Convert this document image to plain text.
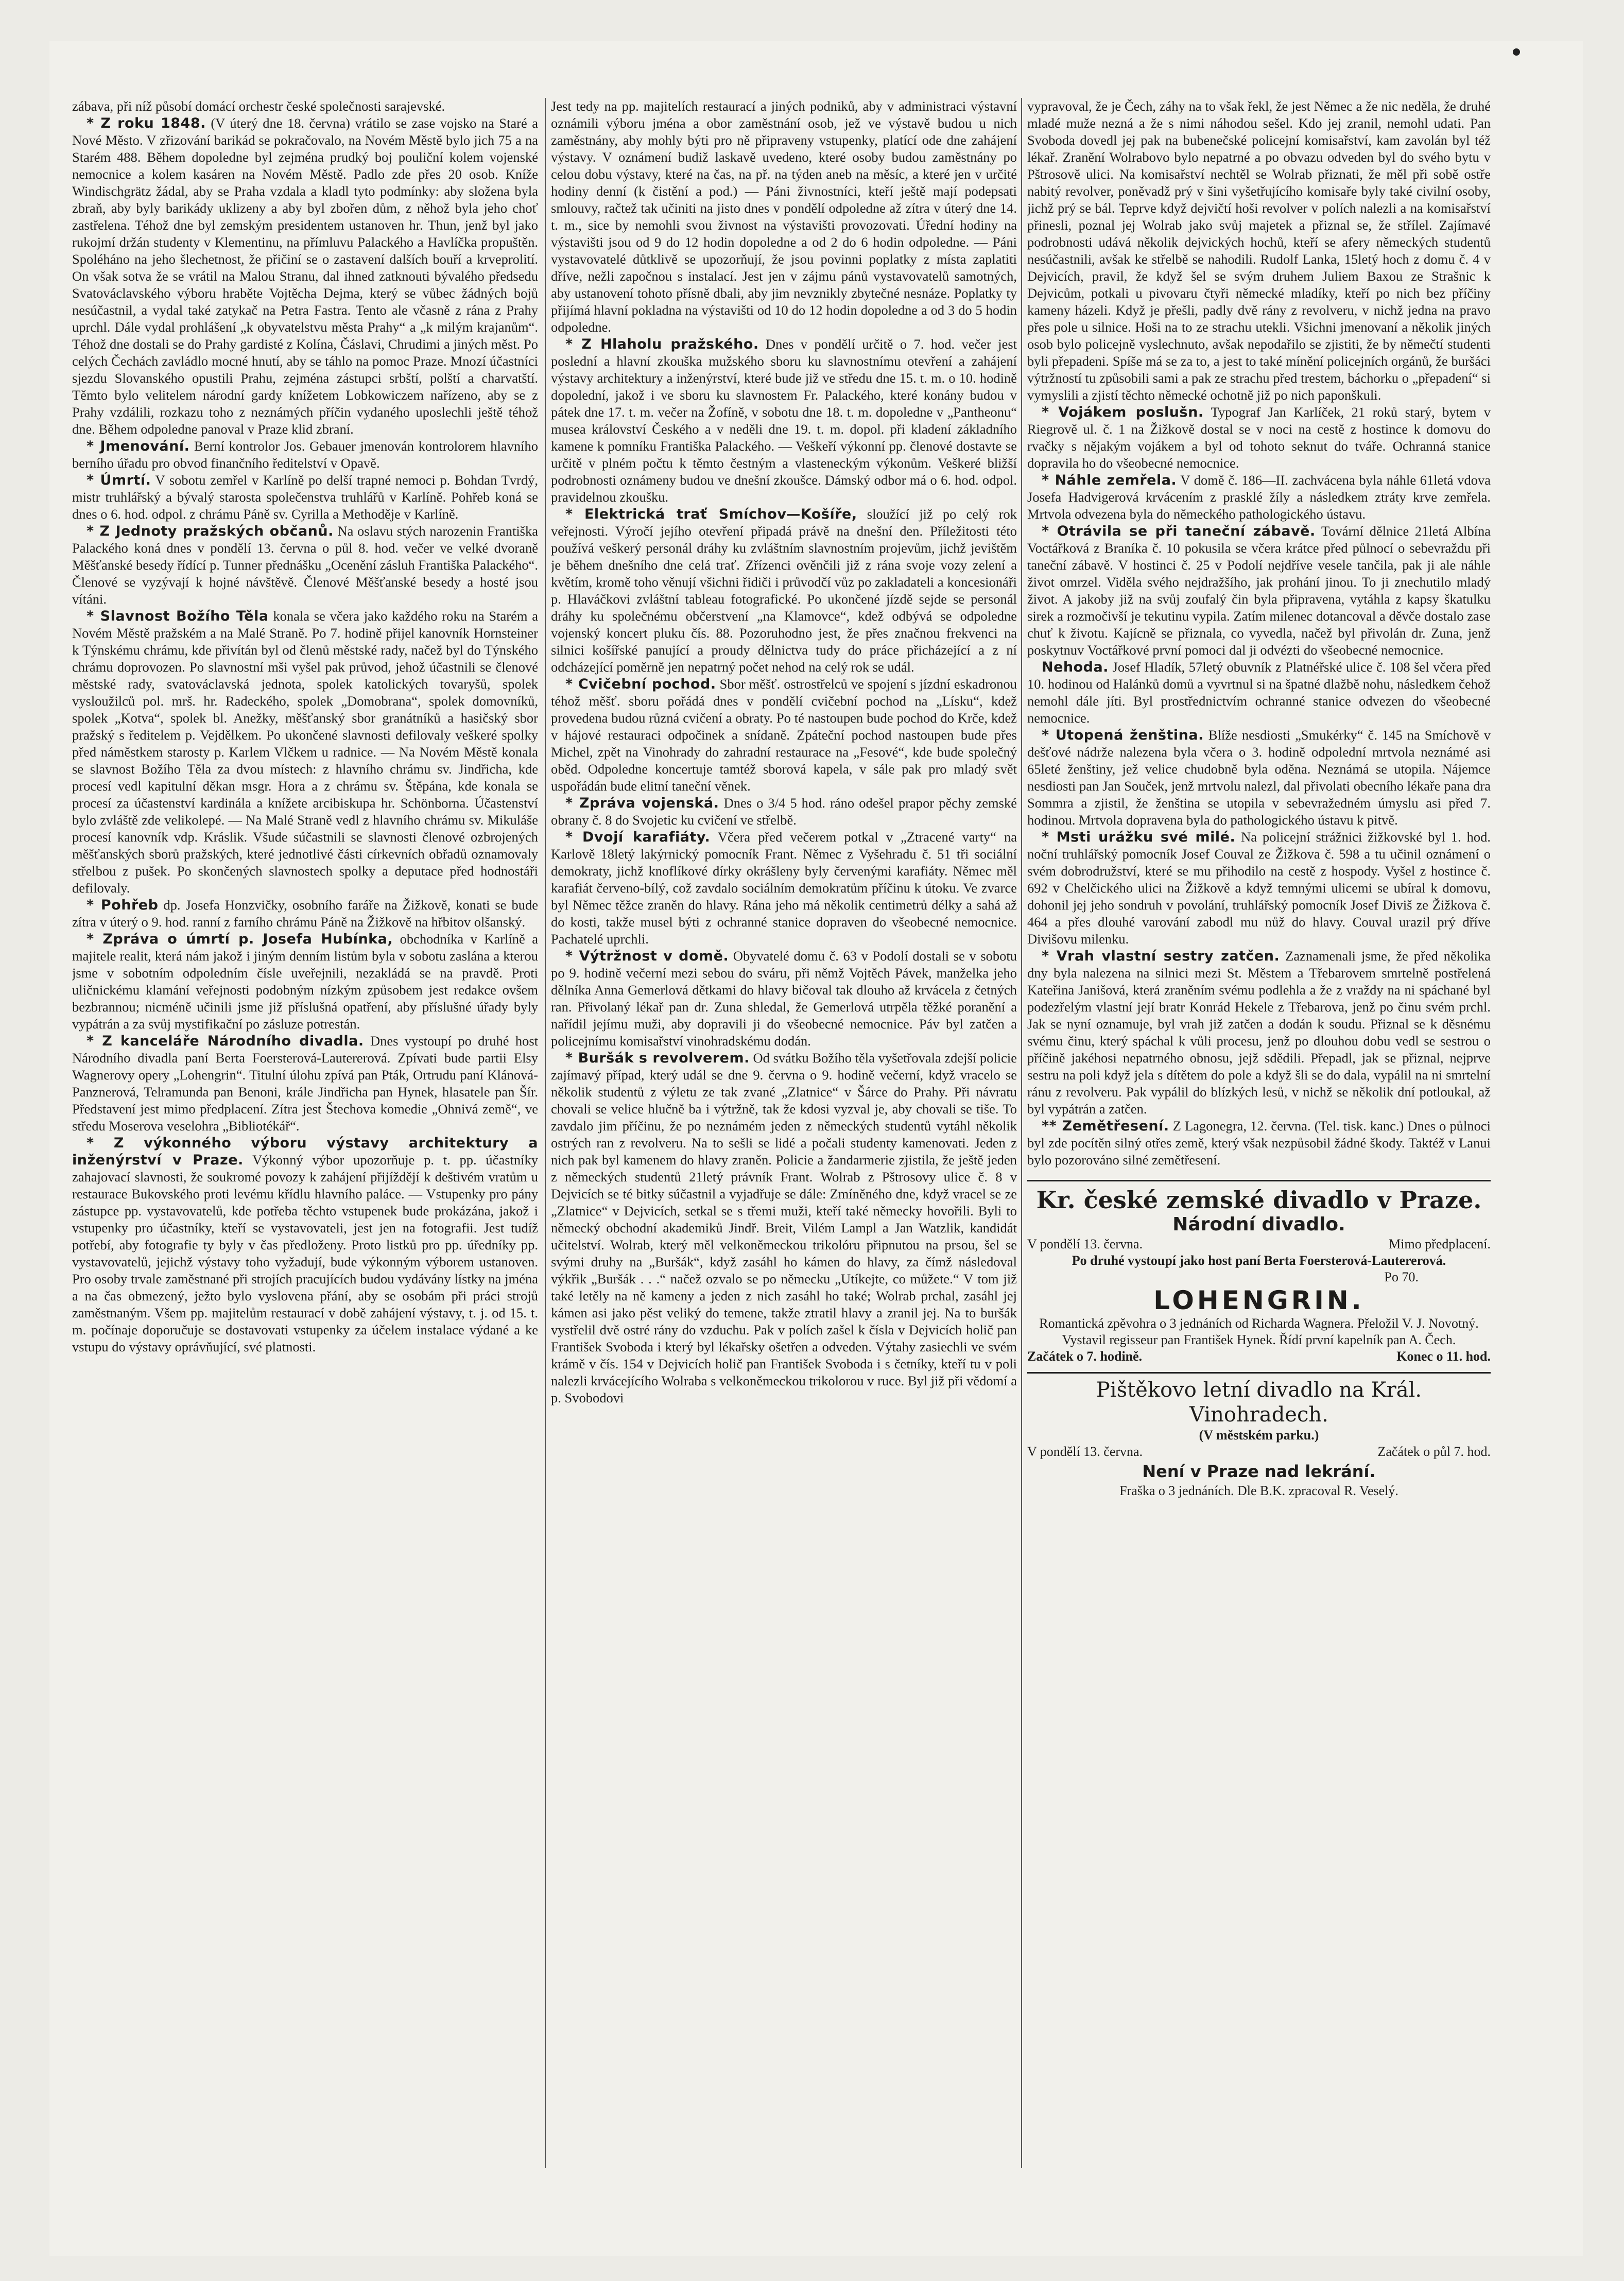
zábava, při níž působí domácí orchestr české společnosti sarajevské.

* Z roku 1848. (V úterý dne 18. června) vrátilo se zase vojsko na Staré a Nové Město. V zřizování barikád se pokračovalo, na Novém Městě bylo jich 75 a na Starém 488. Během dopoledne byl zejména prudký boj pouliční kolem vojenské nemocnice a kolem kasáren na Novém Městě. Padlo zde přes 20 osob. Kníže Windischgrätz žádal, aby se Praha vzdala a kladl tyto podmínky: aby složena byla zbraň, aby byly barikády uklizeny a aby byl zbořen dům, z něhož byla jeho choť zastřelena. Téhož dne byl zemským presidentem ustanoven hr. Thun, jenž byl jako rukojmí držán studenty v Klementinu, na přímluvu Palackého a Havlíčka propuštěn. Spoléháno na jeho šlechetnost, že přičiní se o zastavení dalších bouří a krveprolití. On však sotva že se vrátil na Malou Stranu, dal ihned zatknouti bývalého předsedu Svatováclavského výboru hraběte Vojtěcha Dejma, který se vůbec žádných bojů nesúčastnil, a vydal také zatykač na Petra Fastra. Tento ale včasně z rána z Prahy uprchl. Dále vydal prohlášení „k obyvatelstvu města Prahy“ a „k milým krajanům“. Téhož dne dostali se do Prahy gardisté z Kolína, Čáslavi, Chrudimi a jiných měst. Po celých Čechách zavládlo mocné hnutí, aby se táhlo na pomoc Praze. Mnozí účastníci sjezdu Slovanského opustili Prahu, zejména zástupci srbští, polští a charvatští. Těmto bylo velitelem národní gardy knížetem Lobkowiczem nařízeno, aby se z Prahy vzdálili, rozkazu toho z neznámých příčin vydaného uposlechli ještě téhož dne. Během odpoledne panoval v Praze klid zbraní.

* Jmenování. Berní kontrolor Jos. Gebauer jmenován kontrolorem hlavního berního úřadu pro obvod finančního ředitelství v Opavě.

* Úmrtí. V sobotu zemřel v Karlíně po delší trapné nemoci p. Bohdan Tvrdý, mistr truhlářský a bývalý starosta společenstva truhlářů v Karlíně. Pohřeb koná se dnes o 6. hod. odpol. z chrámu Páně sv. Cyrilla a Methoděje v Karlíně.

* Z Jednoty pražských občanů. Na oslavu stých narozenin Františka Palackého koná dnes v pondělí 13. června o půl 8. hod. večer ve velké dvoraně Měšťanské besedy řídící p. Tunner přednášku „Ocenění zásluh Františka Palackého“. Členové se vyzývají k hojné návštěvě. Členové Měšťanské besedy a hosté jsou vítáni.

* Slavnost Božího Těla konala se včera jako každého roku na Starém a Novém Městě pražském a na Malé Straně. Po 7. hodině přijel kanovník Hornsteiner k Týnskému chrámu, kde přivítán byl od členů městské rady, načež byl do Týnského chrámu doprovozen. Po slavnostní mši vyšel pak průvod, jehož účastnili se členové městské rady, svatováclavská jednota, spolek katolických tovaryšů, spolek vysloužilců pol. mrš. hr. Radeckého, spolek „Domobrana“, spolek domovníků, spolek „Kotva“, spolek bl. Anežky, měšťanský sbor granátníků a hasičský sbor pražský s ředitelem p. Vejdělkem. Po ukončené slavnosti defilovaly veškeré spolky před náměstkem starosty p. Karlem Vlčkem u radnice. — Na Novém Městě konala se slavnost Božího Těla za dvou místech: z hlavního chrámu sv. Jindřicha, kde procesí vedl kapitulní děkan msgr. Hora a z chrámu sv. Štěpána, kde konala se procesí za účastenství kardinála a knížete arcibiskupa hr. Schönborna. Účastenství bylo zvláště zde velikolepé. — Na Malé Straně vedl z hlavního chrámu sv. Mikuláše procesí kanovník vdp. Kráslik. Všude súčastnili se slavnosti členové ozbrojených měšťanských sborů pražských, které jednotlivé části církevních obřadů oznamovaly střelbou z pušek. Po skončených slavnostech spolky a deputace před hodnostáři defilovaly.

* Pohřeb dp. Josefa Honzvičky, osobního faráře na Žižkově, konati se bude zítra v úterý o 9. hod. ranní z farního chrámu Páně na Žižkově na hřbitov olšanský.

* Zpráva o úmrtí p. Josefa Hubínka, obchodníka v Karlíně a majitele realit, která nám jakož i jiným denním listům byla v sobotu zaslána a kterou jsme v sobotním odpoledním čísle uveřejnili, nezakládá se na pravdě. Proti uličnickému klamání veřejnosti podobným nízkým způsobem jest redakce ovšem bezbrannou; nicméně učinili jsme již příslušná opatření, aby příslušné úřady byly vypátrán a za svůj mystifikační po zásluze potrestán.

* Z kanceláře Národního divadla. Dnes vystoupí po druhé host Národního divadla paní Berta Foersterová-Lautererová. Zpívati bude partii Elsy Wagnerovy opery „Lohengrin“. Titulní úlohu zpívá pan Pták, Ortrudu paní Klánová-Panznerová, Telramunda pan Benoni, krále Jindřicha pan Hynek, hlasatele pan Šír. Představení jest mimo předplacení. Zítra jest Štechova komedie „Ohnivá země“, ve středu Moserova veselohra „Bibliotékář“.

* Z výkonného výboru výstavy architektury a inženýrství v Praze. Výkonný výbor upozorňuje p. t. pp. účastníky zahajovací slavnosti, že soukromé povozy k zahájení přijíždějí k deštivém vratům u restaurace Bukovského proti levému křídlu hlavního paláce. — Vstupenky pro pány zástupce pp. vystavovatelů, kde potřeba těchto vstupenek bude prokázána, jakož i vstupenky pro účastníky, kteří se vystavovateli, jest jen na fotografii. Jest tudíž potřebí, aby fotografie ty byly v čas předloženy. Proto listků pro pp. úředníky pp. vystavovatelů, jejichž výstavy toho vyžadují, bude výkonným výborem ustanoven. Pro osoby trvale zaměstnané při strojích pracujících budou vydávány lístky na jména a na čas obmezený, ježto bylo vyslovena přání, aby se osobám při práci strojů zaměstnaným. Všem pp. majitelům restaurací v době zahájení výstavy, t. j. od 15. t. m. počínaje doporučuje se dostavovati vstupenky za účelem instalace výdané a ke vstupu do výstavy oprávňující, své platnosti.

Jest tedy na pp. majitelích restaurací a jiných podniků, aby v administraci výstavní oznámili výboru jména a obor zaměstnání osob, jež ve výstavě budou u nich zaměstnány, aby mohly býti pro ně připraveny vstupenky, platící ode dne zahájení výstavy. V oznámení budiž laskavě uvedeno, které osoby budou zaměstnány po celou dobu výstavy, které na čas, na př. na týden aneb na měsíc, a které jen v určité hodiny denní (k čistění a pod.) — Páni živnostníci, kteří ještě mají podepsati smlouvy, račtež tak učiniti na jisto dnes v pondělí odpoledne až zítra v úterý dne 14. t. m., sice by nemohli svou živnost na výstavišti provozovati. Úřední hodiny na výstavišti jsou od 9 do 12 hodin dopoledne a od 2 do 6 hodin odpoledne. — Páni vystavovatelé důtklivě se upozorňují, že jsou povinni poplatky z místa zaplatiti dříve, nežli započnou s instalací. Jest jen v zájmu pánů vystavovatelů samotných, aby ustanovení tohoto přísně dbali, aby jim nevznikly zbytečné nesnáze. Poplatky ty přijímá hlavní pokladna na výstavišti od 10 do 12 hodin dopoledne a od 3 do 5 hodin odpoledne.

* Z Hlaholu pražského. Dnes v pondělí určitě o 7. hod. večer jest poslední a hlavní zkouška mužského sboru ku slavnostnímu otevření a zahájení výstavy architektury a inženýrství, které bude již ve středu dne 15. t. m. o 10. hodině dopolední, jakož i ve sboru ku slavnostem Fr. Palackého, které konány budou v pátek dne 17. t. m. večer na Žofíně, v sobotu dne 18. t. m. dopoledne v „Pantheonu“ musea království Českého a v neděli dne 19. t. m. dopol. při kladení základního kamene k pomníku Františka Palackého. — Veškeří výkonní pp. členové dostavte se určitě v plném počtu k těmto čestným a vlasteneckým výkonům. Veškeré bližší podrobnosti oznámeny budou ve dnešní zkoušce. Dámský odbor má o 6. hod. odpol. pravidelnou zkoušku.

* Elektrická trať Smíchov—Košíře, sloužící již po celý rok veřejnosti. Výročí jejího otevření připadá právě na dnešní den. Příležitosti této používá veškerý personál dráhy ku zvláštním slavnostním projevům, jichž jevištěm je během dnešního dne celá trať. Zřízenci ověnčili již z rána svoje vozy zelení a květím, kromě toho věnují všichni řidiči i průvodčí vůz po zakladateli a koncesionáři p. Hlaváčkovi zvláštní tableau fotografické. Po ukončené jízdě sejde se personál dráhy ku společnému občerstvení „na Klamovce“, kdež odbývá se odpoledne vojenský koncert pluku čís. 88. Pozoruhodno jest, že přes značnou frekvenci na silnici košířské panující a proudy dělnictva tudy do práce přicházející a z ní odcházející poměrně jen nepatrný počet nehod na celý rok se udál.

* Cvičební pochod. Sbor měšť. ostrostřelců ve spojení s jízdní eskadronou téhož měšť. sboru pořádá dnes v pondělí cvičební pochod na „Lísku“, kdež provedena budou různá cvičení a obraty. Po té nastoupen bude pochod do Krče, kdež v hájové restauraci odpočinek a snídaně. Zpáteční pochod nastoupen bude přes Michel, zpět na Vinohrady do zahradní restaurace na „Fesové“, kde bude společný oběd. Odpoledne koncertuje tamtéž sborová kapela, v sále pak pro mladý svět uspořádán bude elitní taneční věnek.

* Zpráva vojenská. Dnes o 3/4 5 hod. ráno odešel prapor pěchy zemské obrany č. 8 do Svojetic ku cvičení ve střelbě.

* Dvojí karafiáty. Včera před večerem potkal v „Ztracené varty“ na Karlově 18letý lakýrnický pomocník Frant. Němec z Vyšehradu č. 51 tři sociální demokraty, jichž knoflíkové dírky okrášleny byly červenými karafiáty. Němec měl karafiát červeno-bílý, což zavdalo sociálním demokratům příčinu k útoku. Ve zvarce byl Němec těžce zraněn do hlavy. Rána jeho má několik centimetrů délky a sahá až do kosti, takže musel býti z ochranné stanice dopraven do všeobecné nemocnice. Pachatelé uprchli.

* Výtržnost v domě. Obyvatelé domu č. 63 v Podolí dostali se v sobotu po 9. hodině večerní mezi sebou do sváru, při němž Vojtěch Pávek, manželka jeho dělníka Anna Gemerlová dětkami do hlavy bičoval tak dlouho až krvácela z četných ran. Přivolaný lékař pan dr. Zuna shledal, že Gemerlová utrpěla těžké poranění a nařídil jejímu muži, aby dopravili ji do všeobecné nemocnice. Páv byl zatčen a policejnímu komisařství vinohradskému dodán.

* Buršák s revolverem. Od svátku Božího těla vyšetřovala zdejší policie zajímavý případ, který udál se dne 9. června o 9. hodině večerní, když vracelo se několik studentů z výletu ze tak zvané „Zlatnice“ v Šárce do Prahy. Při návratu chovali se velice hlučně ba i výtržně, tak že kdosi vyzval je, aby chovali se tiše. To zavdalo jim příčinu, že po neznámém jeden z německých studentů vytáhl několik ostrých ran z revolveru. Na to sešli se lidé a počali studenty kamenovati. Jeden z nich pak byl kamenem do hlavy zraněn. Policie a žandarmerie zjistila, že ještě jeden z německých studentů 21letý právník Frant. Wolrab z Pštrosovy ulice č. 8 v Dejvicích se té bitky súčastnil a vyjadřuje se dále: Zmíněného dne, když vracel se ze „Zlatnice“ v Dejvicích, setkal se s třemi muži, kteří také německy hovořili. Byli to německý obchodní akademiků Jindř. Breit, Vilém Lampl a Jan Watzlik, kandidát učitelství. Wolrab, který měl velkoněmeckou trikolóru připnutou na prsou, šel se svými druhy na „Buršák“, když zasáhl ho kámen do hlavy, za čímž následoval výkřik „Buršák . . .“ načež ozvalo se po německu „Utíkejte, co můžete.“ V tom již také letěly na ně kameny a jeden z nich zasáhl ho také; Wolrab prchal, zasáhl jej kámen asi jako pěst veliký do temene, takže ztratil hlavy a zranil jej. Na to buršák vystřelil dvě ostré rány do vzduchu. Pak v polích zašel k čísla v Dejvicích holič pan František Svoboda i který byl lékařsky ošetřen a odveden. Výtahy zasiechli ve svém krámě v čís. 154 v Dejvicích holič pan František Svoboda i s četníky, kteří tu v poli nalezli krvácejícího Wolraba s velkoněmeckou trikolorou v ruce. Byl již při vědomí a p. Svobodovi

vypravoval, že je Čech, záhy na to však řekl, že jest Němec a že nic neděla, že druhé mladé muže nezná a že s nimi náhodou sešel. Kdo jej zranil, nemohl udati. Pan Svoboda dovedl jej pak na bubenečské policejní komisařství, kam zavolán byl též lékař. Zranění Wolrabovo bylo nepatrné a po obvazu odveden byl do svého bytu v Pštrosově ulici. Na komisařství nechtěl se Wolrab přiznati, že měl při sobě ostře nabitý revolver, poněvadž prý v šini vyšetřujícího komisaře byly také civilní osoby, jichž prý se bál. Teprve když dejvičtí hoši revolver v polích nalezli a na komisařství přinesli, poznal jej Wolrab jako svůj majetek a přiznal se, že střílel. Zajímavé podrobnosti udává několik dejvických hochů, kteří se afery německých studentů nesúčastnili, avšak ke střelbě se nahodili. Rudolf Lanka, 15letý hoch z domu č. 4 v Dejvicích, pravil, že když šel se svým druhem Juliem Baxou ze Strašnic k Dejvicům, potkali u pivovaru čtyři německé mladíky, kteří po nich bez příčiny kameny házeli. Když je přešli, padly dvě rány z revolveru, v nichž jedna na pravo přes pole u silnice. Hoši na to ze strachu utekli. Všichni jmenovaní a několik jiných osob bylo policejně vyslechnuto, avšak nepodařilo se zjistiti, že by němečtí studenti byli přepadeni. Spíše má se za to, a jest to také mínění policejních orgánů, že buršáci výtržností tu způsobili sami a pak ze strachu před trestem, báchorku o „přepadení“ si vymyslili a zjistí těchto německé ochotně již po nich paponškuli.

* Vojákem poslušn. Typograf Jan Karlíček, 21 roků starý, bytem v Riegrově ul. č. 1 na Žižkově dostal se v noci na cestě z hostince k domovu do rvačky s nějakým vojákem a byl od tohoto seknut do tváře. Ochranná stanice dopravila ho do všeobecné nemocnice.

* Náhle zemřela. V domě č. 186—II. zachvácena byla náhle 61letá vdova Josefa Hadvigerová krvácením z prasklé žíly a následkem ztráty krve zemřela. Mrtvola odvezena byla do německého pathologického ústavu.

* Otrávila se při taneční zábavě. Tovární dělnice 21letá Albína Voctářková z Braníka č. 10 pokusila se včera krátce před půlnocí o sebevraždu při taneční zábavě. V hostinci č. 25 v Podolí nejdříve vesele tančila, pak ji ale náhle život omrzel. Viděla svého nejdražšího, jak prohání jinou. To ji znechutilo mladý život. A jakoby již na svůj zoufalý čin byla připravena, vytáhla z kapsy škatulku sirek a rozmočivší je tekutinu vypila. Zatím milenec dotancoval a děvče dostalo zase chuť k životu. Kajícně se přiznala, co vyvedla, načež byl přivolán dr. Zuna, jenž poskytnuv Voctářkové první pomoci dal ji odvézti do všeobecné nemocnice.

Nehoda. Josef Hladík, 57letý obuvník z Platnéřské ulice č. 108 šel včera před 10. hodinou od Halánků domů a vyvrtnul si na špatné dlažbě nohu, následkem čehož nemohl dále jíti. Byl prostřednictvím ochranné stanice odvezen do všeobecné nemocnice.

* Utopená ženština. Blíže nesdiosti „Smukérky“ č. 145 na Smíchově v dešťové nádrže nalezena byla včera o 3. hodině odpolední mrtvola neznámé asi 65leté ženštiny, jež velice chudobně byla oděna. Neznámá se utopila. Nájemce nesdiosti pan Jan Souček, jenž mrtvolu nalezl, dal přivolati obecního lékaře pana dra Sommra a zjistil, že ženština se utopila v sebevražedném úmyslu asi před 7. hodinou. Mrtvola dopravena byla do pathologického ústavu k pitvě.

* Msti urážku své milé. Na policejní strážnici žižkovské byl 1. hod. noční truhlářský pomocník Josef Couval ze Žižkova č. 598 a tu učinil oznámení o svém dobrodružství, které se mu přihodilo na cestě z hospody. Vyšel z hostince č. 692 v Chelčického ulici na Žižkově a když temnými ulicemi se ubíral k domovu, dohonil jej jeho sondruh v povolání, truhlářský pomocník Josef Diviš ze Žižkova č. 464 a přes dlouhé varování zabodl mu nůž do hlavy. Couval urazil prý dříve Divišovu milenku.

* Vrah vlastní sestry zatčen. Zaznamenali jsme, že před několika dny byla nalezena na silnici mezi St. Městem a Třebarovem smrtelně postřelená Kateřina Janišová, která zraněním svému podlehla a že z vraždy na ni spáchané byl podezřelým vlastní její bratr Konrád Hekele z Třebarova, jenž po činu svém prchl. Jak se nyní oznamuje, byl vrah již zatčen a dodán k soudu. Přiznal se k děsnému svému činu, který spáchal k vůli procesu, jenž po dlouhou dobu vedl se sestrou o příčině jakéhosi nepatrného obnosu, jejž sdědili. Přepadl, jak se přiznal, nejprve sestru na poli když jela s dítětem do pole a když šli se do dala, vypálil na ni smrtelní ránu z revolveru. Pak vypálil do blízkých lesů, v nichž se několik dní potloukal, až byl vypátrán a zatčen.

** Zemětřesení. Z Lagonegra, 12. června. (Tel. tisk. kanc.) Dnes o půlnoci byl zde pocítěn silný otřes země, který však nezpůsobil žádné škody. Taktéž v Lanui bylo pozorováno silné zemětřesení.

Kr. české zemské divadlo v Praze.
Národní divadlo.
V pondělí 13. června.	Mimo předplacení.
Po druhé vystoupí jako host paní Berta Foersterová-Lautererová.
Po 70.
LOHENGRIN.
Romantická zpěvohra o 3 jednáních od Richarda Wagnera. Přeložil V. J. Novotný. Vystavil regisseur pan František Hynek. Řídí první kapelník pan A. Čech.
Začátek o 7. hodině.	Konec o 11. hod.
Pištěkovo letní divadlo na Král. Vinohradech.
(V městském parku.)
V pondělí 13. června.	Začátek o půl 7. hod.
Není v Praze nad lekrání.
Fraška o 3 jednáních. Dle B.K. zpracoval R. Veselý.
